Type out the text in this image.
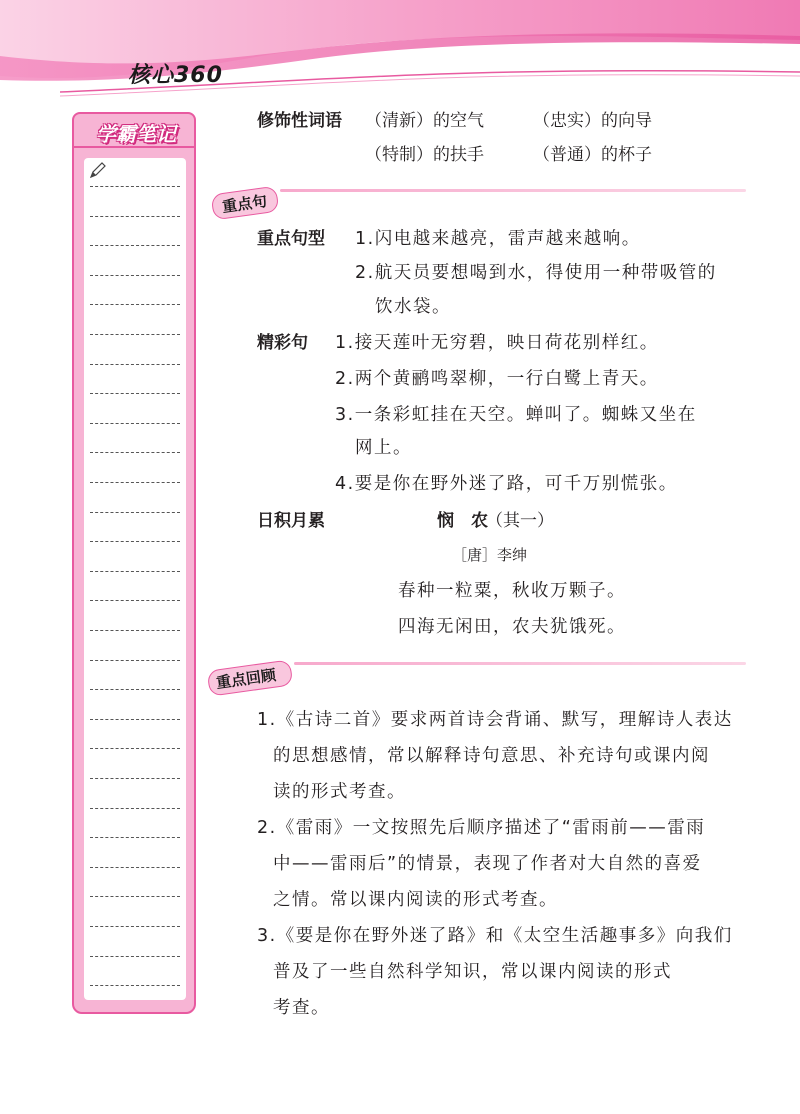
核心360
学霸笔记
修饰性词语 （清新）的空气	（忠实）的向导
（特制）的扶手	（普通）的杯子
重点句
重点句型 1.闪电越来越亮，雷声越来越响。
2.航天员要想喝到水，得使用一种带吸管的
饮水袋。
精彩句 1.接天莲叶无穷碧，映日荷花别样红。
2.两个黄鹂鸣翠柳，一行白鹭上青天。
3.一条彩虹挂在天空。蝉叫了。蜘蛛又坐在
网上。
4.要是你在野外迷了路，可千万别慌张。
日积月累	悯　农
（其一）
［唐］李绅
春种一粒粟，秋收万颗子。
四海无闲田，农夫犹饿死。
重点回顾
1.《古诗二首》要求两首诗会背诵、默写，理解诗人表达
的思想感情，常以解释诗句意思、补充诗句或课内阅
读的形式考查。
2.《雷雨》一文按照先后顺序描述了“雷雨前——雷雨
中——雷雨后”的情景，表现了作者对大自然的喜爱
之情。常以课内阅读的形式考查。
3.《要是你在野外迷了路》和《太空生活趣事多》向我们
普及了一些自然科学知识，常以课内阅读的形式
考查。
